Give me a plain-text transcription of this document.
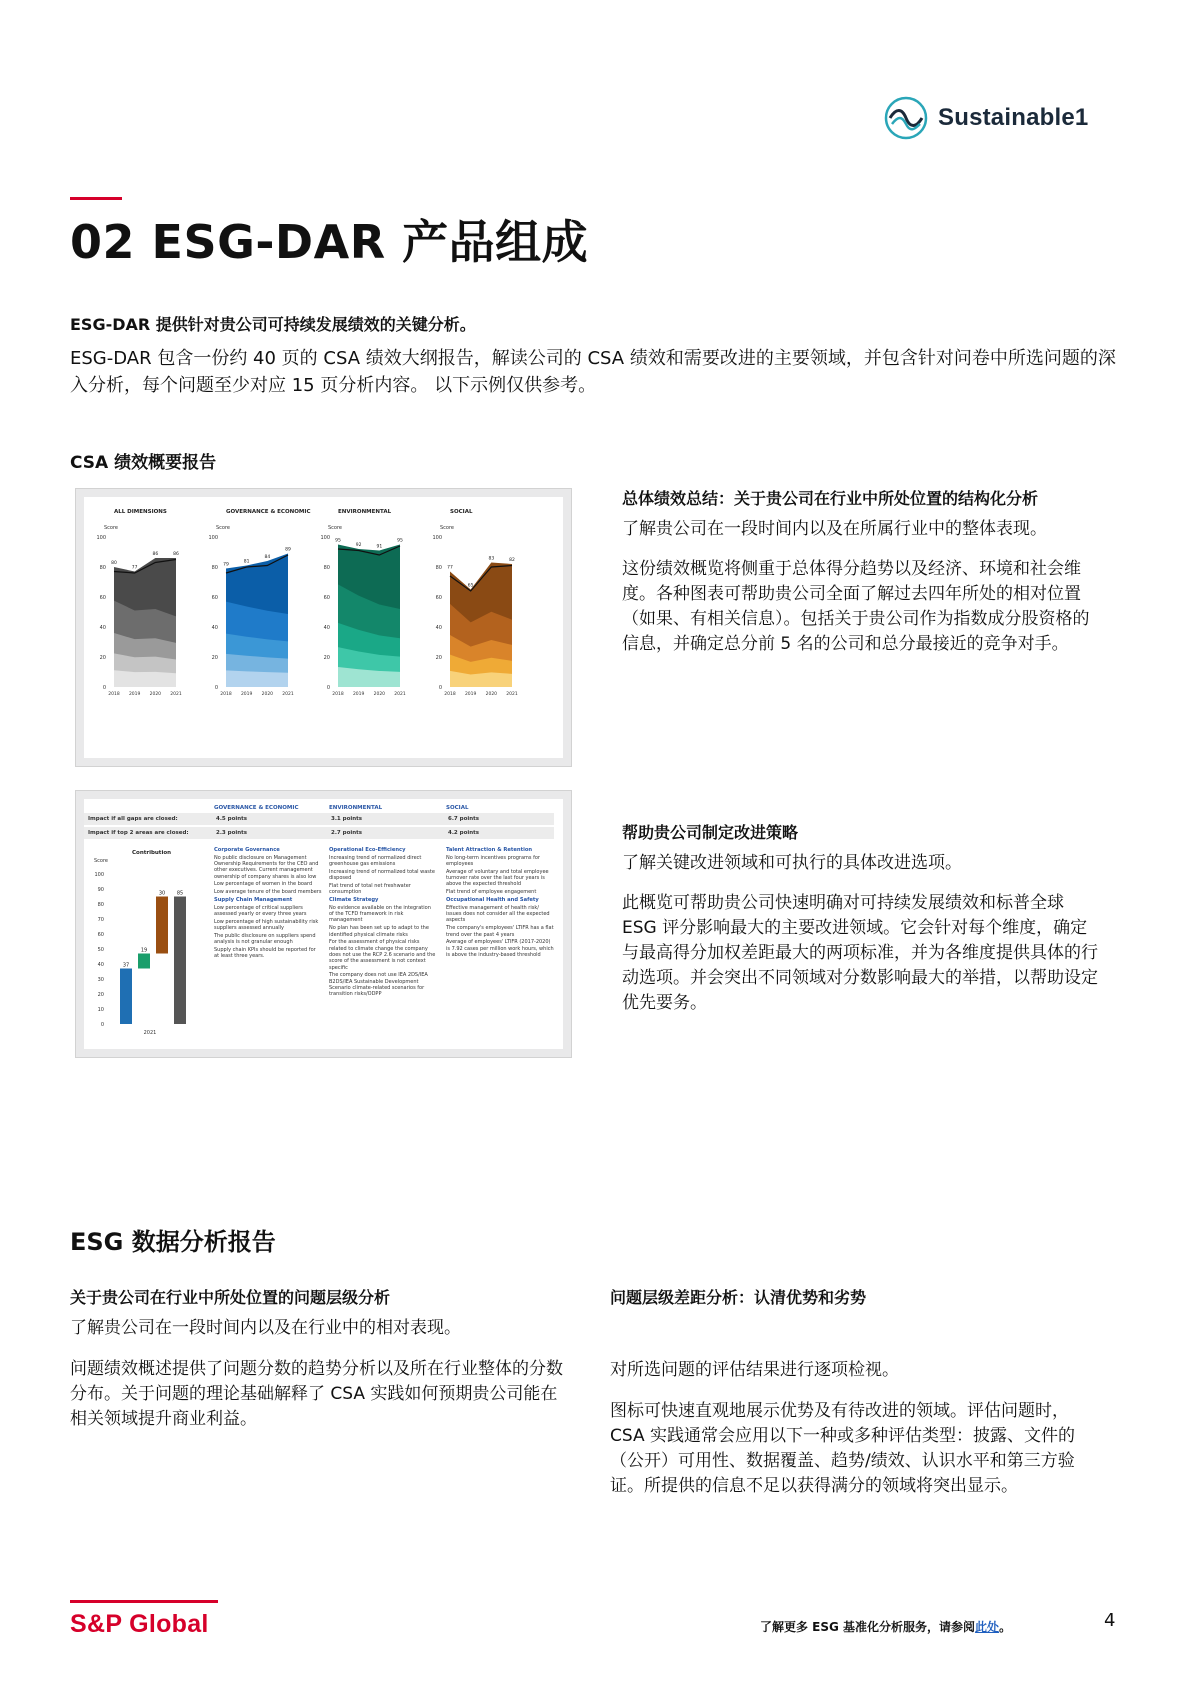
Sustainable1
02 ESG-DAR 产品组成
ESG-DAR 提供针对贵公司可持续发展绩效的关键分析。
ESG-DAR 包含一份约 40 页的 CSA 绩效大纲报告，解读公司的 CSA 绩效和需要改进的主要领域，并包含针对问卷中所选问题的深入分析，每个问题至少对应 15 页分析内容。 以下示例仅供参考。
CSA 绩效概要报告
ALL DIMENSIONS
Score
100
80
60
40
20
0
80
2018
77
2019
86
2020
86
2021
GOVERNANCE & ECONOMIC
Score
100
80
60
40
20
0
79
2018
81
2019
84
2020
89
2021
ENVIRONMENTAL
Score
100
80
60
40
20
0
95
2018
92
2019
91
2020
95
2021
SOCIAL
Score
100
80
60
40
20
0
77
2018
65
2019
83
2020
82
2021
GOVERNANCE & ECONOMIC	ENVIRONMENTAL	SOCIAL
Impact if all gaps are closed:	4.5 points	3.1 points	6.7 points
Impact if top 2 areas are closed:	2.3 points	2.7 points	4.2 points
Contribution
Score
100
90
80
70
60
50
40
30
20
10
0
37
19
30 85
2021
Corporate Governance
No public disclosure on Management Ownership Requirements for the CEO and other executives. Current management ownership of company shares is also low
Low percentage of women in the board
Low average tenure of the board members
Supply Chain Management
Low percentage of critical suppliers assessed yearly or every three years
Low percentage of high sustainability risk suppliers assessed annually
The public disclosure on suppliers spend analysis is not granular enough
Supply chain KPIs should be reported for at least three years.
Operational Eco-Efficiency
Increasing trend of normalized direct greenhouse gas emissions
Increasing trend of normalized total waste disposed
Flat trend of total net freshwater consumption
Climate Strategy
No evidence available on the integration of the TCFD framework in risk management
No plan has been set up to adapt to the identified physical climate risks
For the assessment of physical risks related to climate change the company does not use the RCP 2.6 scenario and the score of the assessment is not context specific
The company does not use IEA 2DS/IEA B2DS/IEA Sustainable Development Scenario climate-related scenarios for transition risks/ODPP
Talent Attraction & Retention
No long-term incentives programs for employees
Average of voluntary and total employee turnover rate over the last four years is above the expected threshold
Flat trend of employee engagement
Occupational Health and Safety
Effective management of health risk/ issues does not consider all the expected aspects
The company's employees' LTIFR has a flat trend over the past 4 years
Average of employees' LTIFR (2017-2020) is 7.92 cases per million work hours, which is above the industry-based threshold
总体绩效总结：关于贵公司在行业中所处位置的结构化分析
了解贵公司在一段时间内以及在所属行业中的整体表现。
这份绩效概览将侧重于总体得分趋势以及经济、环境和社会维度。各种图表可帮助贵公司全面了解过去四年所处的相对位置（如果、有相关信息）。包括关于贵公司作为指数成分股资格的信息，并确定总分前 5 名的公司和总分最接近的竞争对手。
帮助贵公司制定改进策略
了解关键改进领域和可执行的具体改进选项。
此概览可帮助贵公司快速明确对可持续发展绩效和标普全球 ESG 评分影响最大的主要改进领域。它会针对每个维度，确定与最高得分加权差距最大的两项标准，并为各维度提供具体的行动选项。并会突出不同领域对分数影响最大的举措，以帮助设定优先要务。
ESG 数据分析报告
关于贵公司在行业中所处位置的问题层级分析
了解贵公司在一段时间内以及在行业中的相对表现。
问题绩效概述提供了问题分数的趋势分析以及所在行业整体的分数分布。关于问题的理论基础解释了 CSA 实践如何预期贵公司能在相关领域提升商业利益。
问题层级差距分析：认清优势和劣势
对所选问题的评估结果进行逐项检视。
图标可快速直观地展示优势及有待改进的领域。评估问题时，CSA 实践通常会应用以下一种或多种评估类型：披露、文件的（公开）可用性、数据覆盖、趋势/绩效、认识水平和第三方验证。所提供的信息不足以获得满分的领域将突出显示。
S&P Global	了解更多 ESG 基准化分析服务，请参阅此处。	4
